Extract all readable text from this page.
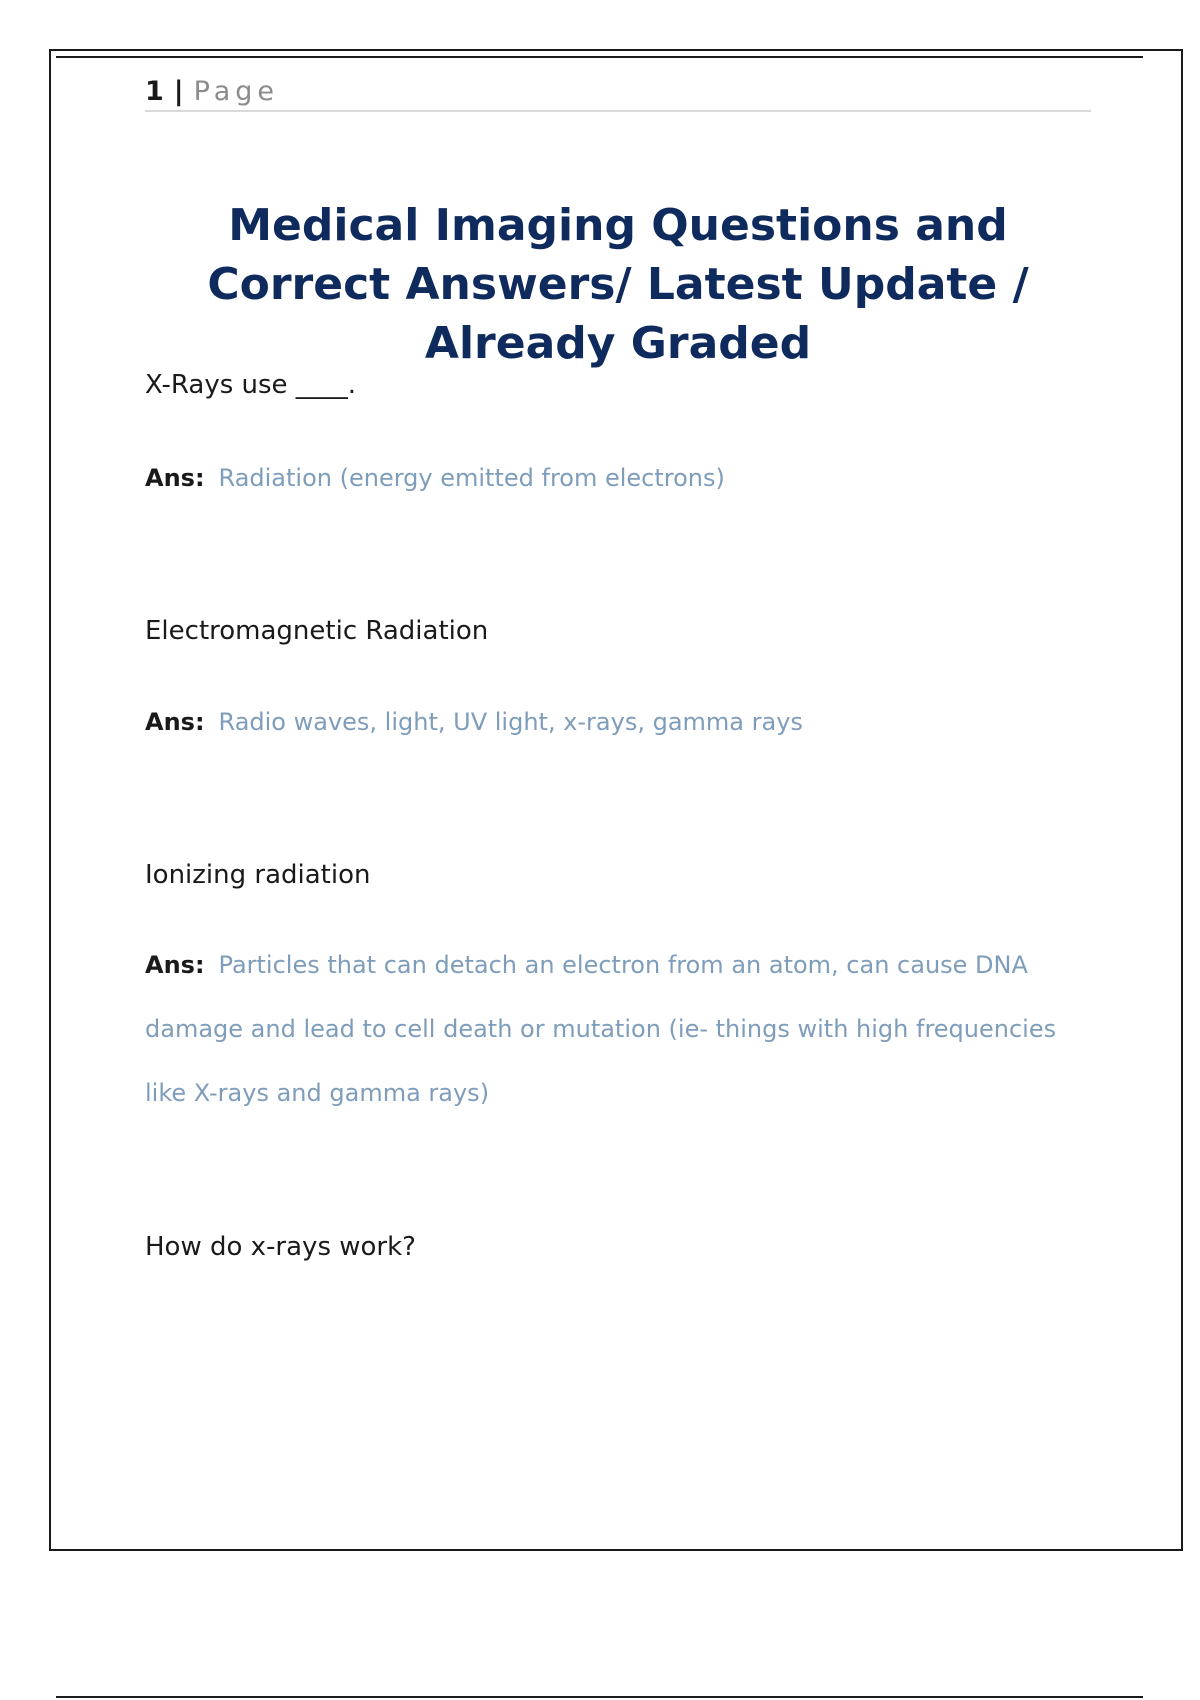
1 | Page
Medical Imaging Questions and Correct Answers/ Latest Update / Already Graded
X-Rays use ____.
Ans: Radiation (energy emitted from electrons)
Electromagnetic Radiation
Ans: Radio waves, light, UV light, x-rays, gamma rays
Ionizing radiation
Ans: Particles that can detach an electron from an atom, can cause DNA damage and lead to cell death or mutation (ie- things with high frequencies like X-rays and gamma rays)
How do x-rays work?
